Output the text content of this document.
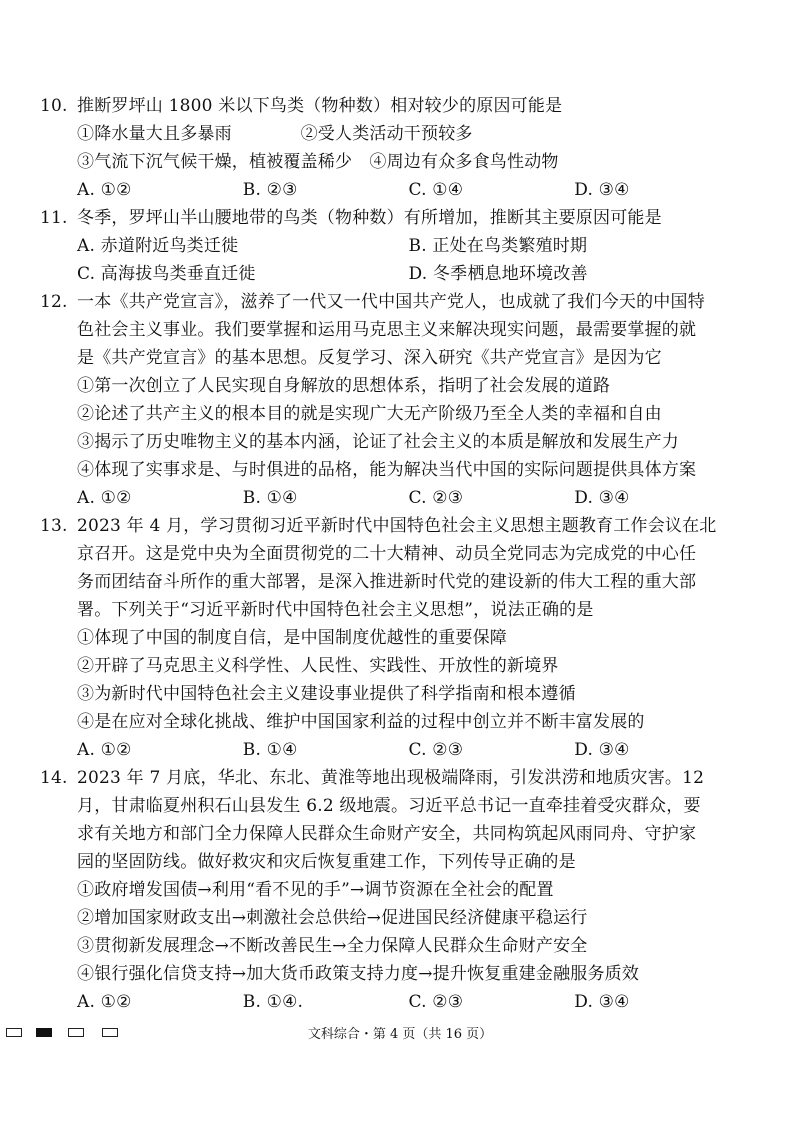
10. 推断罗坪山 1800 米以下鸟类（物种数）相对较少的原因可能是
①降水量大且多暴雨　　　　②受人类活动干预较多
③气流下沉气候干燥，植被覆盖稀少　④周边有众多食鸟性动物
A. ①②	B. ②③	C. ①④	D. ③④
11. 冬季，罗坪山半山腰地带的鸟类（物种数）有所增加，推断其主要原因可能是
A. 赤道附近鸟类迁徙	B. 正处在鸟类繁殖时期
C. 高海拔鸟类垂直迁徙	D. 冬季栖息地环境改善
12. 一本《共产党宣言》，滋养了一代又一代中国共产党人，也成就了我们今天的中国特
色社会主义事业。我们要掌握和运用马克思主义来解决现实问题，最需要掌握的就
是《共产党宣言》的基本思想。反复学习、深入研究《共产党宣言》是因为它
①第一次创立了人民实现自身解放的思想体系，指明了社会发展的道路
②论述了共产主义的根本目的就是实现广大无产阶级乃至全人类的幸福和自由
③揭示了历史唯物主义的基本内涵，论证了社会主义的本质是解放和发展生产力
④体现了实事求是、与时俱进的品格，能为解决当代中国的实际问题提供具体方案
A. ①②	B. ①④	C. ②③	D. ③④
13. 2023 年 4 月，学习贯彻习近平新时代中国特色社会主义思想主题教育工作会议在北
京召开。这是党中央为全面贯彻党的二十大精神、动员全党同志为完成党的中心任
务而团结奋斗所作的重大部署，是深入推进新时代党的建设新的伟大工程的重大部
署。下列关于“习近平新时代中国特色社会主义思想”，说法正确的是
①体现了中国的制度自信，是中国制度优越性的重要保障
②开辟了马克思主义科学性、人民性、实践性、开放性的新境界
③为新时代中国特色社会主义建设事业提供了科学指南和根本遵循
④是在应对全球化挑战、维护中国国家利益的过程中创立并不断丰富发展的
A. ①②	B. ①④	C. ②③	D. ③④
14. 2023 年 7 月底，华北、东北、黄淮等地出现极端降雨，引发洪涝和地质灾害。12
月，甘肃临夏州积石山县发生 6.2 级地震。习近平总书记一直牵挂着受灾群众，要
求有关地方和部门全力保障人民群众生命财产安全，共同构筑起风雨同舟、守护家
园的坚固防线。做好救灾和灾后恢复重建工作，下列传导正确的是
①政府增发国债→利用“看不见的手”→调节资源在全社会的配置
②增加国家财政支出→刺激社会总供给→促进国民经济健康平稳运行
③贯彻新发展理念→不断改善民生→全力保障人民群众生命财产安全
④银行强化信贷支持→加大货币政策支持力度→提升恢复重建金融服务质效
A. ①②	B. ①④.	C. ②③	D. ③④
文科综合・第 4 页（共 16 页）
